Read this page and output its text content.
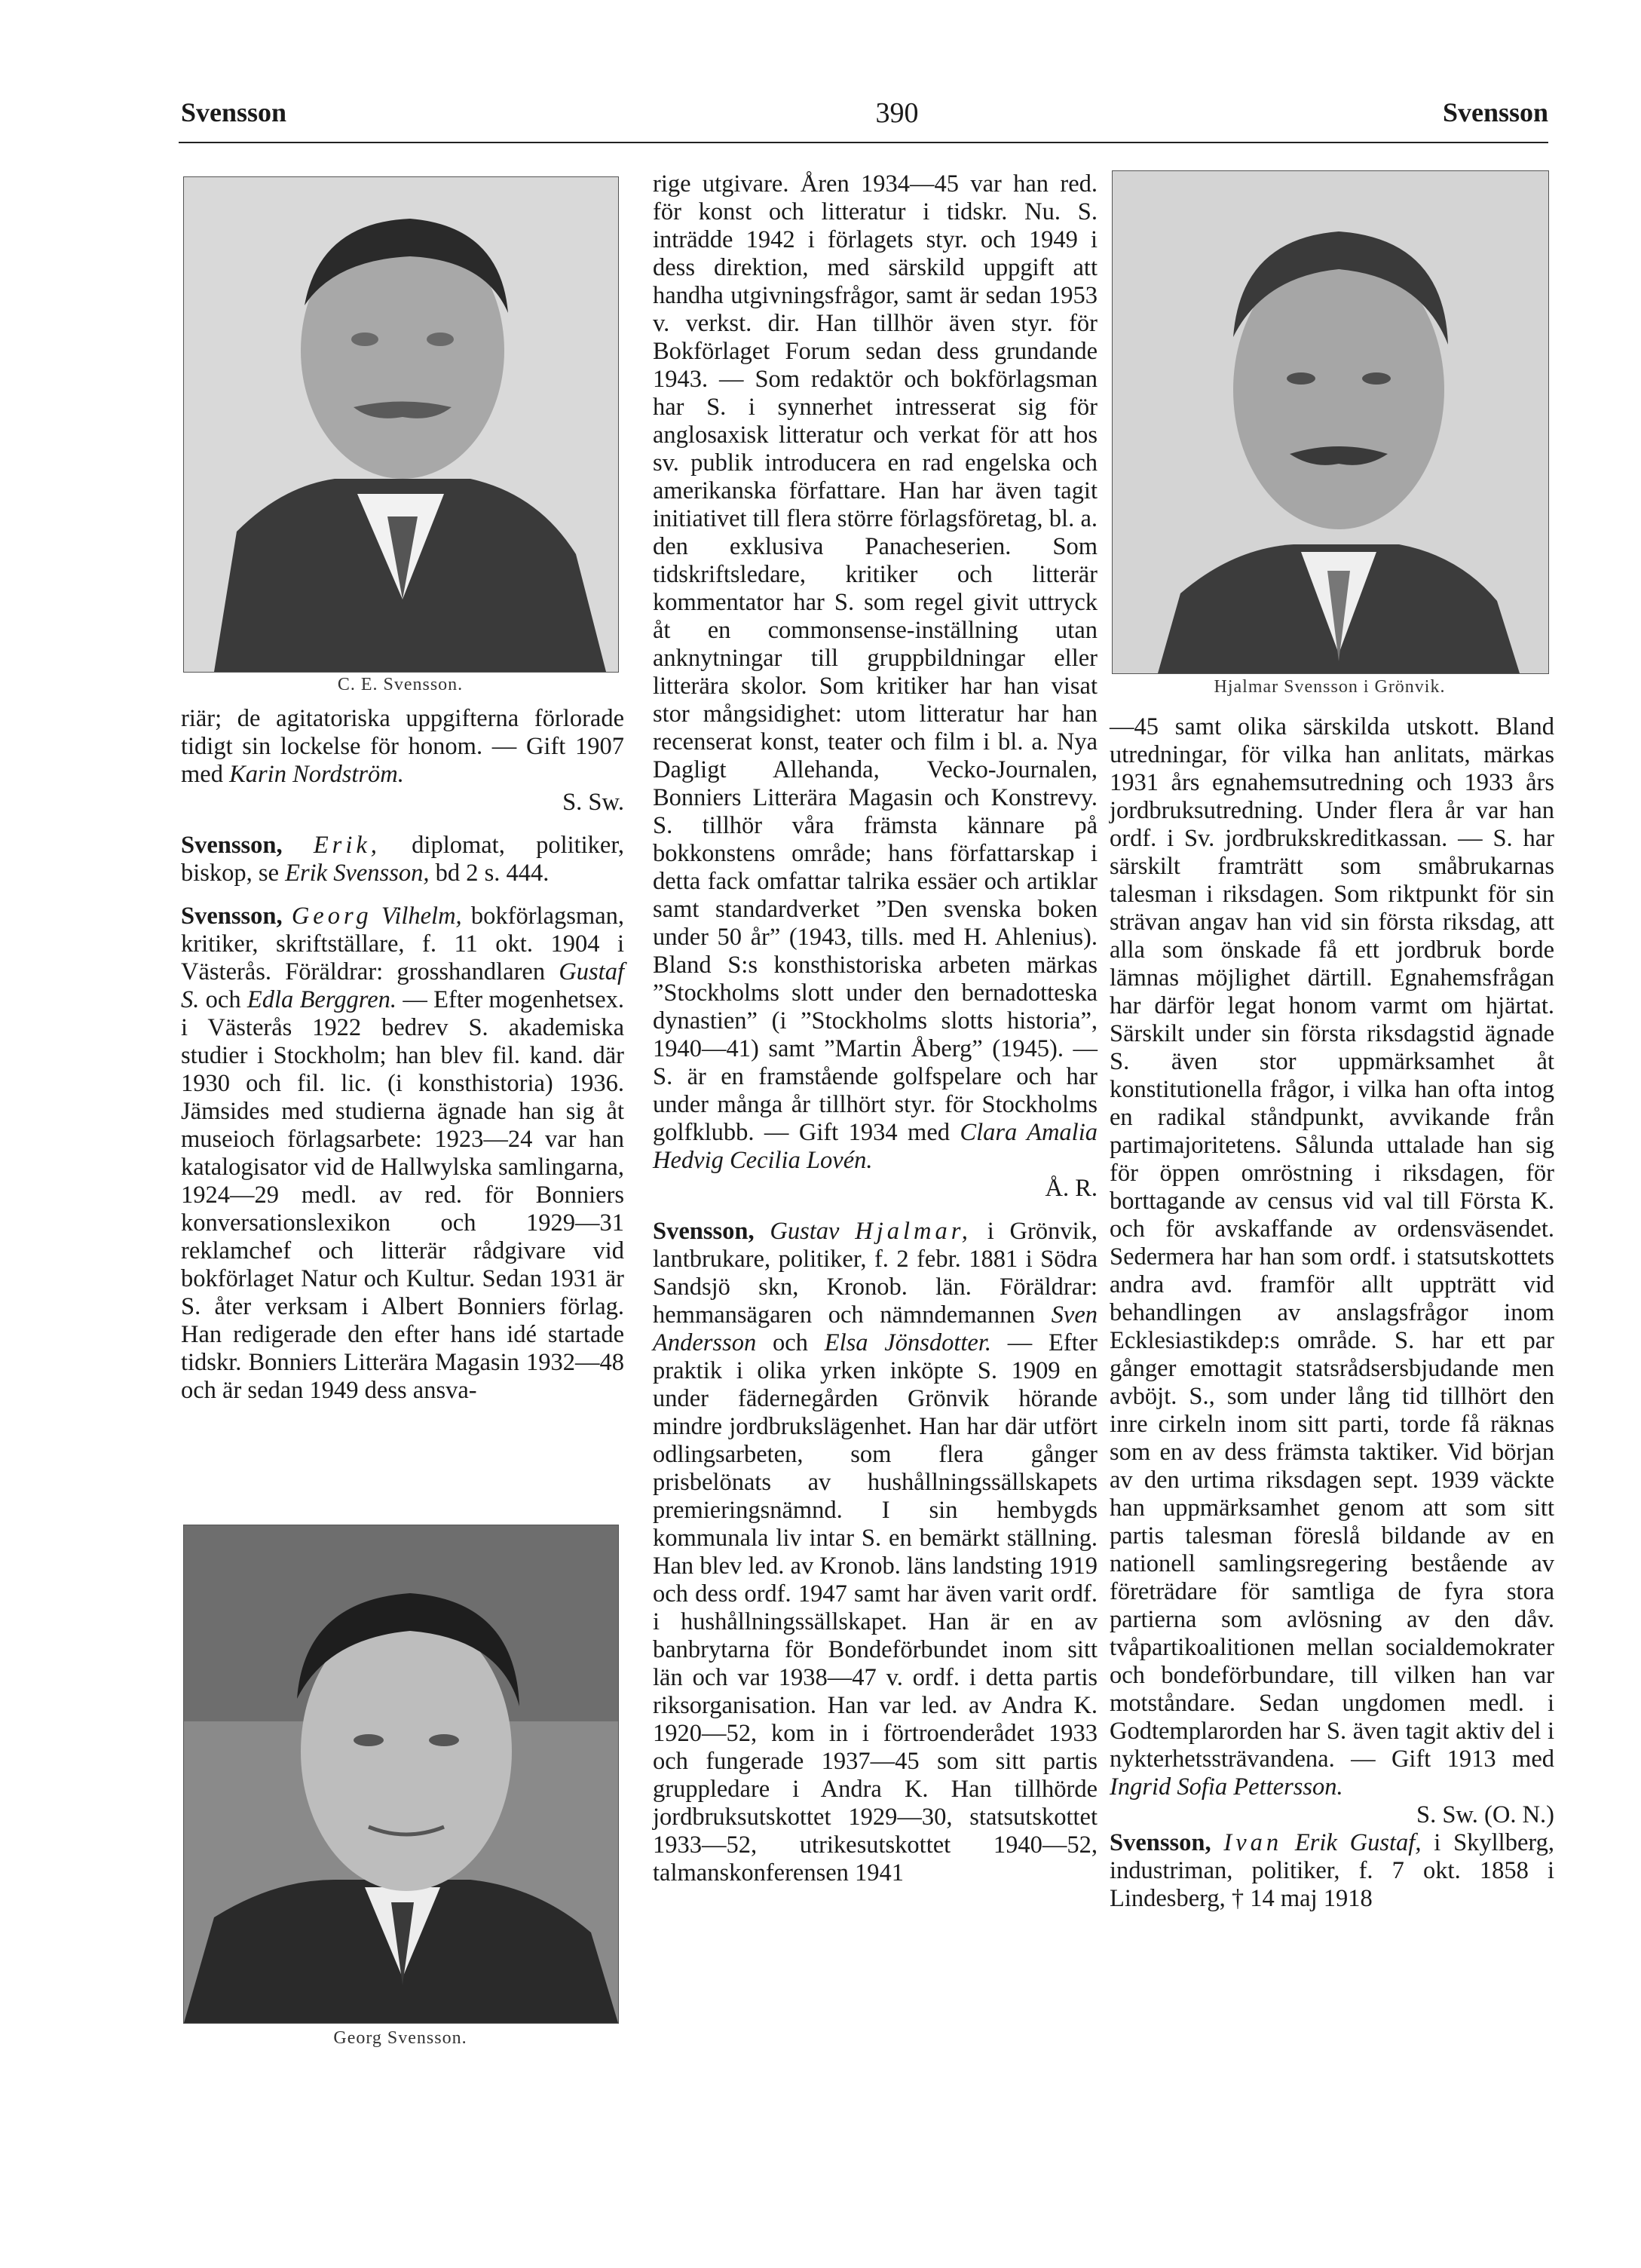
Svensson	390	Svensson
C. E. Svensson.

riär; de agitatoriska uppgifterna förlorade tidigt sin lockelse för honom. — Gift 1907 med Karin Nordström.

S. Sw.

Svensson, Erik, diplomat, politiker, biskop, se Erik Svensson, bd 2 s. 444.

Svensson, Georg Vilhelm, bokförlagsman, kritiker, skriftställare, f. 11 okt. 1904 i Västerås. Föräldrar: grosshandlaren Gustaf S. och Edla Berggren. — Efter mogenhetsex. i Västerås 1922 bedrev S. akademiska studier i Stockholm; han blev fil. kand. där 1930 och fil. lic. (i konsthistoria) 1936. Jämsides med studierna ägnade han sig åt museioch förlagsarbete: 1923—24 var han katalogisator vid de Hallwylska samlingarna, 1924—29 medl. av red. för Bonniers konversationslexikon och 1929—31 reklamchef och litterär rådgivare vid bokförlaget Natur och Kultur. Sedan 1931 är S. åter verksam i Albert Bonniers förlag. Han redigerade den efter hans idé startade tidskr. Bonniers Litterära Magasin 1932—48 och är sedan 1949 dess ansva-

Georg Svensson.

rige utgivare. Åren 1934—45 var han red. för konst och litteratur i tidskr. Nu. S. inträdde 1942 i förlagets styr. och 1949 i dess direktion, med särskild uppgift att handha utgivningsfrågor, samt är sedan 1953 v. verkst. dir. Han tillhör även styr. för Bokförlaget Forum sedan dess grundande 1943. — Som redaktör och bokförlagsman har S. i synnerhet intresserat sig för anglosaxisk litteratur och verkat för att hos sv. publik introducera en rad engelska och amerikanska författare. Han har även tagit initiativet till flera större förlagsföretag, bl. a. den exklusiva Panacheserien. Som tidskriftsledare, kritiker och litterär kommentator har S. som regel givit uttryck åt en commonsense-inställning utan anknytningar till gruppbildningar eller litterära skolor. Som kritiker har han visat stor mångsidighet: utom litteratur har han recenserat konst, teater och film i bl. a. Nya Dagligt Allehanda, Vecko-Journalen, Bonniers Litterära Magasin och Konstrevy. S. tillhör våra främsta kännare på bokkonstens område; hans författarskap i detta fack omfattar talrika essäer och artiklar samt standardverket ”Den svenska boken under 50 år” (1943, tills. med H. Ahlenius). Bland S:s konsthistoriska arbeten märkas ”Stockholms slott under den bernadotteska dynastien” (i ”Stockholms slotts historia”, 1940—41) samt ”Martin Åberg” (1945). — S. är en framstående golfspelare och har under många år tillhört styr. för Stockholms golfklubb. — Gift 1934 med Clara Amalia Hedvig Cecilia Lovén.

Å. R.

Svensson, Gustav Hjalmar, i Grönvik, lantbrukare, politiker, f. 2 febr. 1881 i Södra Sandsjö skn, Kronob. län. Föräldrar: hemmansägaren och nämndemannen Sven Andersson och Elsa Jönsdotter. — Efter praktik i olika yrken inköpte S. 1909 en under fädernegården Grönvik hörande mindre jordbrukslägenhet. Han har där utfört odlingsarbeten, som flera gånger prisbelönats av hushållningssällskapets premieringsnämnd. I sin hembygds kommunala liv intar S. en bemärkt ställning. Han blev led. av Kronob. läns landsting 1919 och dess ordf. 1947 samt har även varit ordf. i hushållningssällskapet. Han är en av banbrytarna för Bondeförbundet inom sitt län och var 1938—47 v. ordf. i detta partis riksorganisation. Han var led. av Andra K. 1920—52, kom in i förtroenderådet 1933 och fungerade 1937—45 som sitt partis gruppledare i Andra K. Han tillhörde jordbruksutskottet 1929—30, statsutskottet 1933—52, utrikesutskottet 1940—52, talmanskonferensen 1941

Hjalmar Svensson i Grönvik.

—45 samt olika särskilda utskott. Bland utredningar, för vilka han anlitats, märkas 1931 års egnahemsutredning och 1933 års jordbruksutredning. Under flera år var han ordf. i Sv. jordbrukskreditkassan. — S. har särskilt framträtt som småbrukarnas talesman i riksdagen. Som riktpunkt för sin strävan angav han vid sin första riksdag, att alla som önskade få ett jordbruk borde lämnas möjlighet därtill. Egnahemsfrågan har därför legat honom varmt om hjärtat. Särskilt under sin första riksdagstid ägnade S. även stor uppmärksamhet åt konstitutionella frågor, i vilka han ofta intog en radikal ståndpunkt, avvikande från partimajoritetens. Sålunda uttalade han sig för öppen omröstning i riksdagen, för borttagande av census vid val till Första K. och för avskaffande av ordensväsendet. Sedermera har han som ordf. i statsutskottets andra avd. framför allt uppträtt vid behandlingen av anslagsfrågor inom Ecklesiastikdep:s område. S. har ett par gånger emottagit statsrådsersbjudande men avböjt. S., som under lång tid tillhört den inre cirkeln inom sitt parti, torde få räknas som en av dess främsta taktiker. Vid början av den urtima riksdagen sept. 1939 väckte han uppmärksamhet genom att som sitt partis talesman föreslå bildande av en nationell samlingsregering bestående av företrädare för samtliga de fyra stora partierna som avlösning av den dåv. tvåpartikoalitionen mellan socialdemokrater och bondeförbundare, till vilken han var motståndare. Sedan ungdomen medl. i Godtemplarorden har S. även tagit aktiv del i nykterhetssträvandena. — Gift 1913 med Ingrid Sofia Pettersson.

S. Sw. (O. N.)

Svensson, Ivan Erik Gustaf, i Skyllberg, industriman, politiker, f. 7 okt. 1858 i Lindesberg, † 14 maj 1918
